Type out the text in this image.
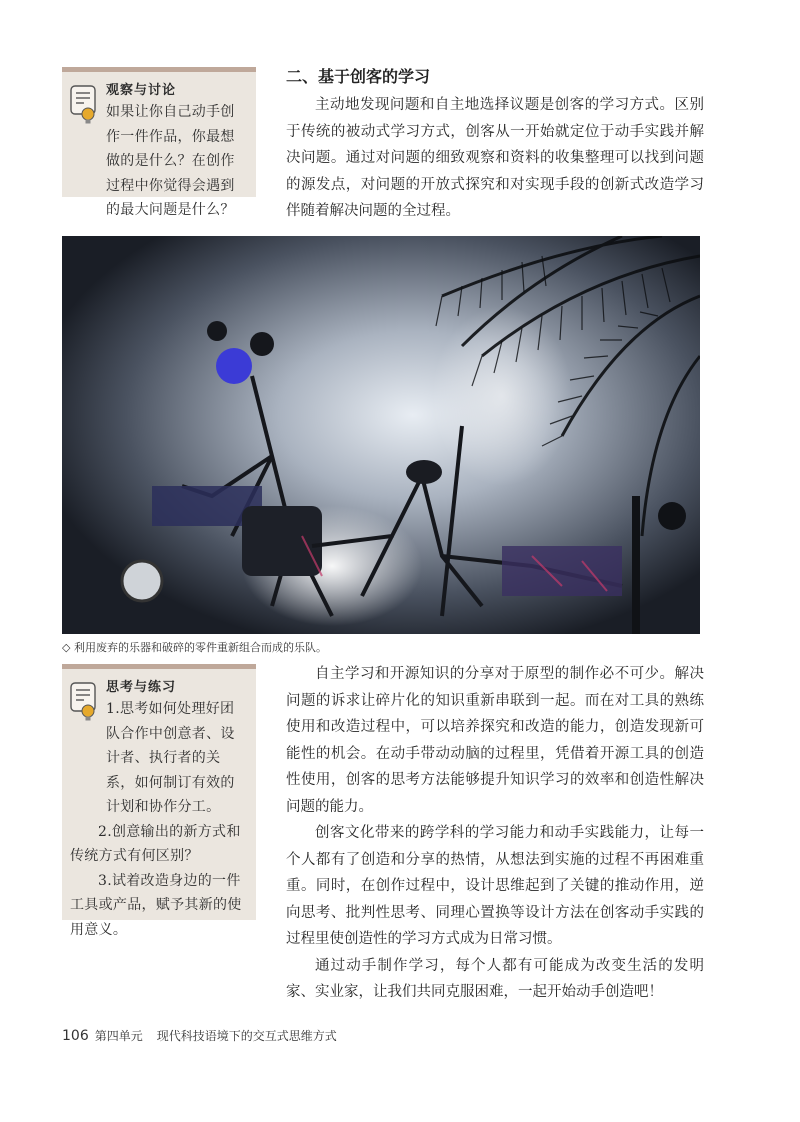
观察与讨论

如果让你自己动手创作一件作品，你最想做的是什么？在创作过程中你觉得会遇到的最大问题是什么？

二、基于创客的学习

主动地发现问题和自主地选择议题是创客的学习方式。区别于传统的被动式学习方式，创客从一开始就定位于动手实践并解决问题。通过对问题的细致观察和资料的收集整理可以找到问题的源发点，对问题的开放式探究和对实现手段的创新式改造学习伴随着解决问题的全过程。

◇ 利用废弃的乐器和破碎的零件重新组合而成的乐队。
思考与练习

1.思考如何处理好团队合作中创意者、设计者、执行者的关系，如何制订有效的计划和协作分工。

2.创意输出的新方式和传统方式有何区别？

3.试着改造身边的一件工具或产品，赋予其新的使用意义。

自主学习和开源知识的分享对于原型的制作必不可少。解决问题的诉求让碎片化的知识重新串联到一起。而在对工具的熟练使用和改造过程中，可以培养探究和改造的能力，创造发现新可能性的机会。在动手带动动脑的过程里，凭借着开源工具的创造性使用，创客的思考方法能够提升知识学习的效率和创造性解决问题的能力。

创客文化带来的跨学科的学习能力和动手实践能力，让每一个人都有了创造和分享的热情，从想法到实施的过程不再困难重重。同时，在创作过程中，设计思维起到了关键的推动作用，逆向思考、批判性思考、同理心置换等设计方法在创客动手实践的过程里使创造性的学习方式成为日常习惯。

通过动手制作学习，每个人都有可能成为改变生活的发明家、实业家，让我们共同克服困难，一起开始动手创造吧！

106 第四单元 现代科技语境下的交互式思维方式
